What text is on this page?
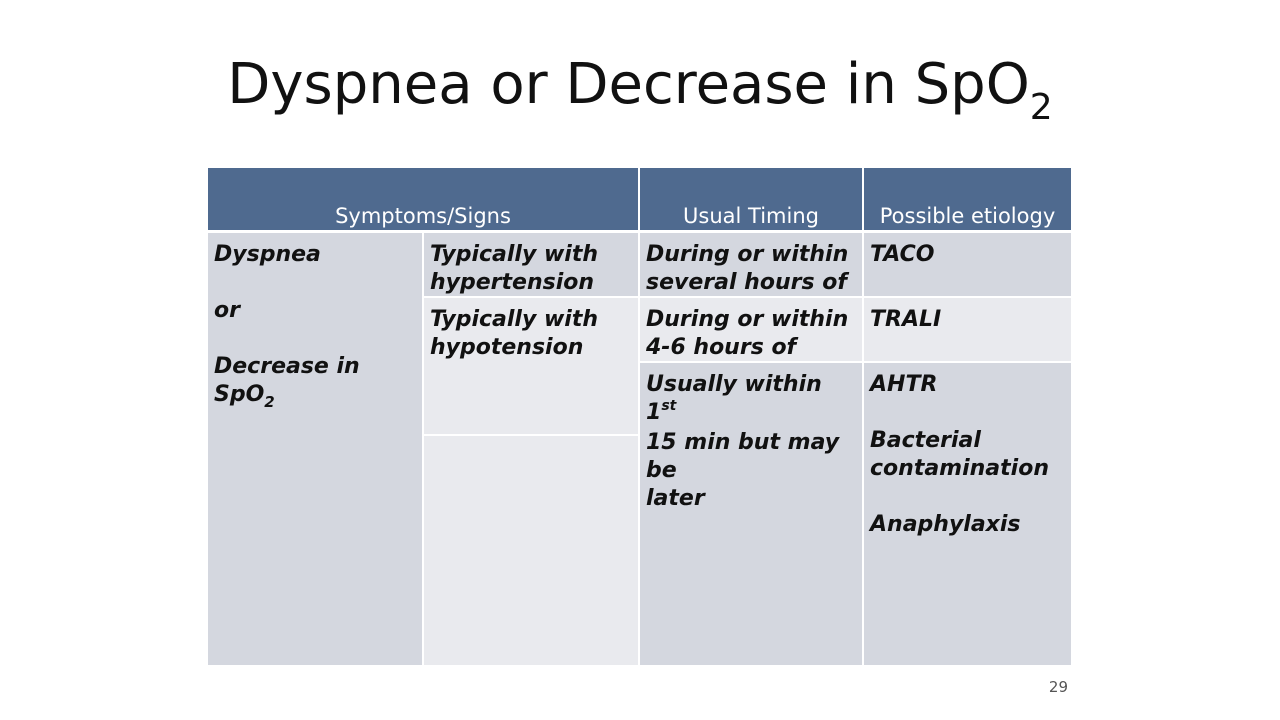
Dyspnea or Decrease in SpO$_2$
Symptoms/Signs	Usual Timing	Possible etiology
Dyspnea
or
Decrease in SpO$_2$
Typically with
hypertension
Typically with
hypotension
During or within
several hours of
During or within
4-6 hours of
Usually within 1st
15 min but may be
later
TACO
TRALI
AHTR
Bacterial
contamination
Anaphylaxis
29
